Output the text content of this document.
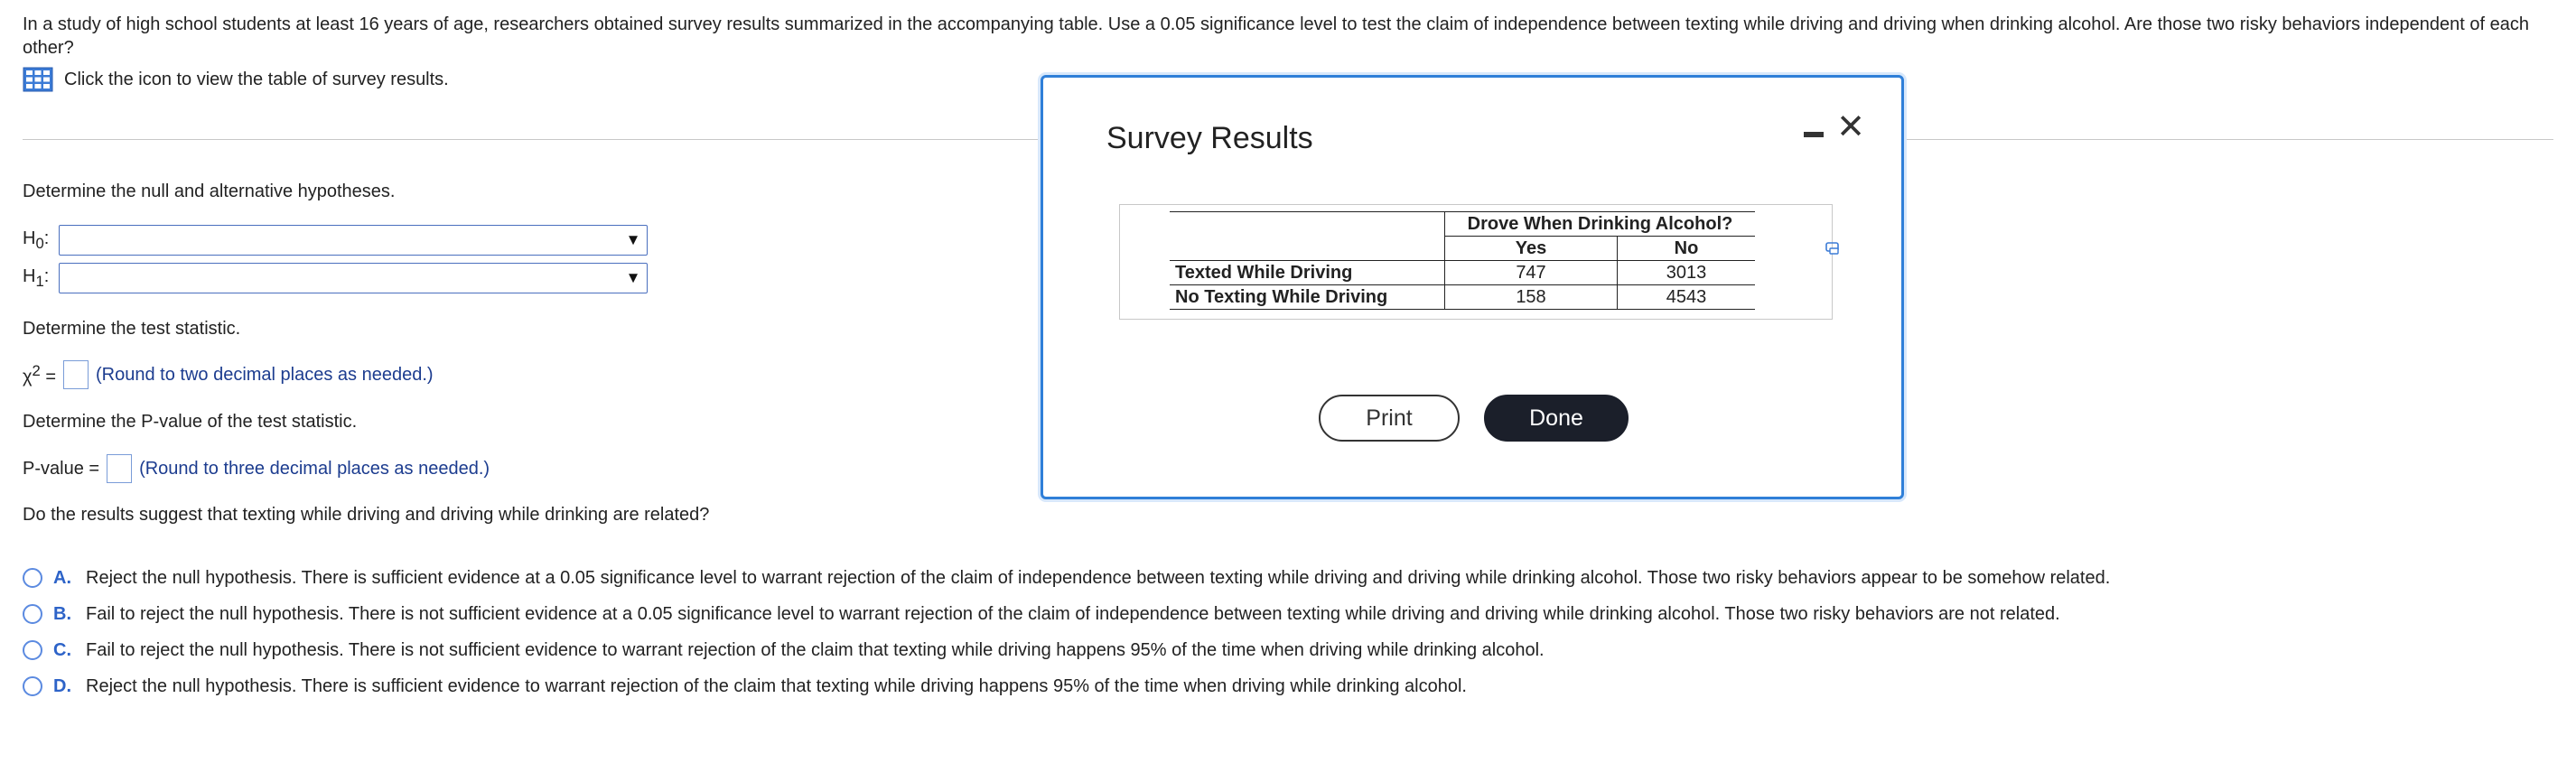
In a study of high school students at least 16 years of age, researchers obtained survey results summarized in the accompanying table. Use a 0.05 significance level to test the claim of independence between texting while driving and driving when drinking alcohol. Are those two risky behaviors independent of each other?
Click the icon to view the table of survey results.
Determine the null and alternative hypotheses.
$H_0$:	▼
$H_1$:	▼
Determine the test statistic.
$\chi^2$ = (Round to two decimal places as needed.)
Determine the P-value of the test statistic.
P-value = (Round to three decimal places as needed.)
Do the results suggest that texting while driving and driving while drinking are related?
A. Reject the null hypothesis. There is sufficient evidence at a 0.05 significance level to warrant rejection of the claim of independence between texting while driving and driving while drinking alcohol. Those two risky behaviors appear to be somehow related.
B. Fail to reject the null hypothesis. There is not sufficient evidence at a 0.05 significance level to warrant rejection of the claim of independence between texting while driving and driving while drinking alcohol. Those two risky behaviors are not related.
C. Fail to reject the null hypothesis. There is not sufficient evidence to warrant rejection of the claim that texting while driving happens 95% of the time when driving while drinking alcohol.
D. Reject the null hypothesis. There is sufficient evidence to warrant rejection of the claim that texting while driving happens 95% of the time when driving while drinking alcohol.
Survey Results	✕
	Drove When Drinking Alcohol?	
	Yes	No
Texted While Driving	747	3013
No Texting While Driving	158	4543
Print	Done
